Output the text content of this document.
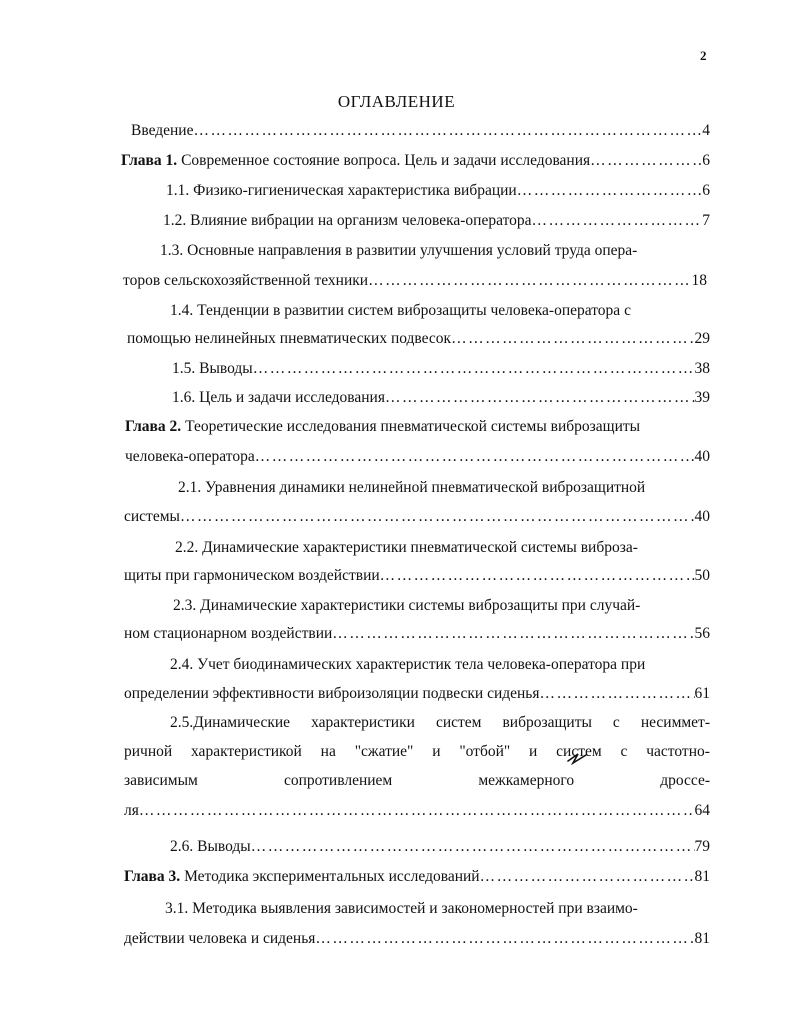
2
ОГЛАВЛЕНИЕ
Введение ……………………………………………………………………………………………………………………………………………………………………………………	4
Глава 1. Современное состояние вопроса. Цель и задачи исследования ……………………………………………………………………………………………………………………………………………………………………………………	6
1.1. Физико-гигиеническая характеристика вибрации ……………………………………………………………………………………………………………………………………………………………………………………	6
1.2. Влияние вибрации на организм человека-оператора ……………………………………………………………………………………………………………………………………………………………………………………	7
1.3. Основные направления в развитии улучшения условий труда опера-
торов сельскохозяйственной техники ……………………………………………………………………………………………………………………………………………………………………………………	18
1.4. Тенденции в развитии систем виброзащиты человека-оператора с
помощью нелинейных пневматических подвесок ……………………………………………………………………………………………………………………………………………………………………………………	29
1.5. Выводы ……………………………………………………………………………………………………………………………………………………………………………………	38
1.6. Цель и задачи исследования ……………………………………………………………………………………………………………………………………………………………………………………	39
Глава 2. Теоретические исследования пневматической системы виброзащиты
человека-оператора ……………………………………………………………………………………………………………………………………………………………………………………	40
2.1. Уравнения динамики нелинейной пневматической виброзащитной
системы ……………………………………………………………………………………………………………………………………………………………………………………	40
2.2. Динамические характеристики пневматической системы виброза-
щиты при гармоническом воздействии ……………………………………………………………………………………………………………………………………………………………………………………	50
2.3. Динамические характеристики системы виброзащиты при случай-
ном стационарном воздействии ……………………………………………………………………………………………………………………………………………………………………………………	56
2.4. Учет биодинамических характеристик тела человека-оператора при
определении эффективности виброизоляции подвески сиденья ……………………………………………………………………………………………………………………………………………………………………………………	61
2.5.Динамические характеристики систем виброзащиты с несиммет-
ричной характеристикой на "сжатие" и "отбой" и систем с частотно-
зависимым	сопротивлением	межкамерного	дроссе-
ля ……………………………………………………………………………………………………………………………………………………………………………………	64
2.6. Выводы ……………………………………………………………………………………………………………………………………………………………………………………	79
Глава 3. Методика экспериментальных исследований ……………………………………………………………………………………………………………………………………………………………………………………	81
3.1. Методика выявления зависимостей и закономерностей при взаимо-
действии человека и сиденья ……………………………………………………………………………………………………………………………………………………………………………………	81
